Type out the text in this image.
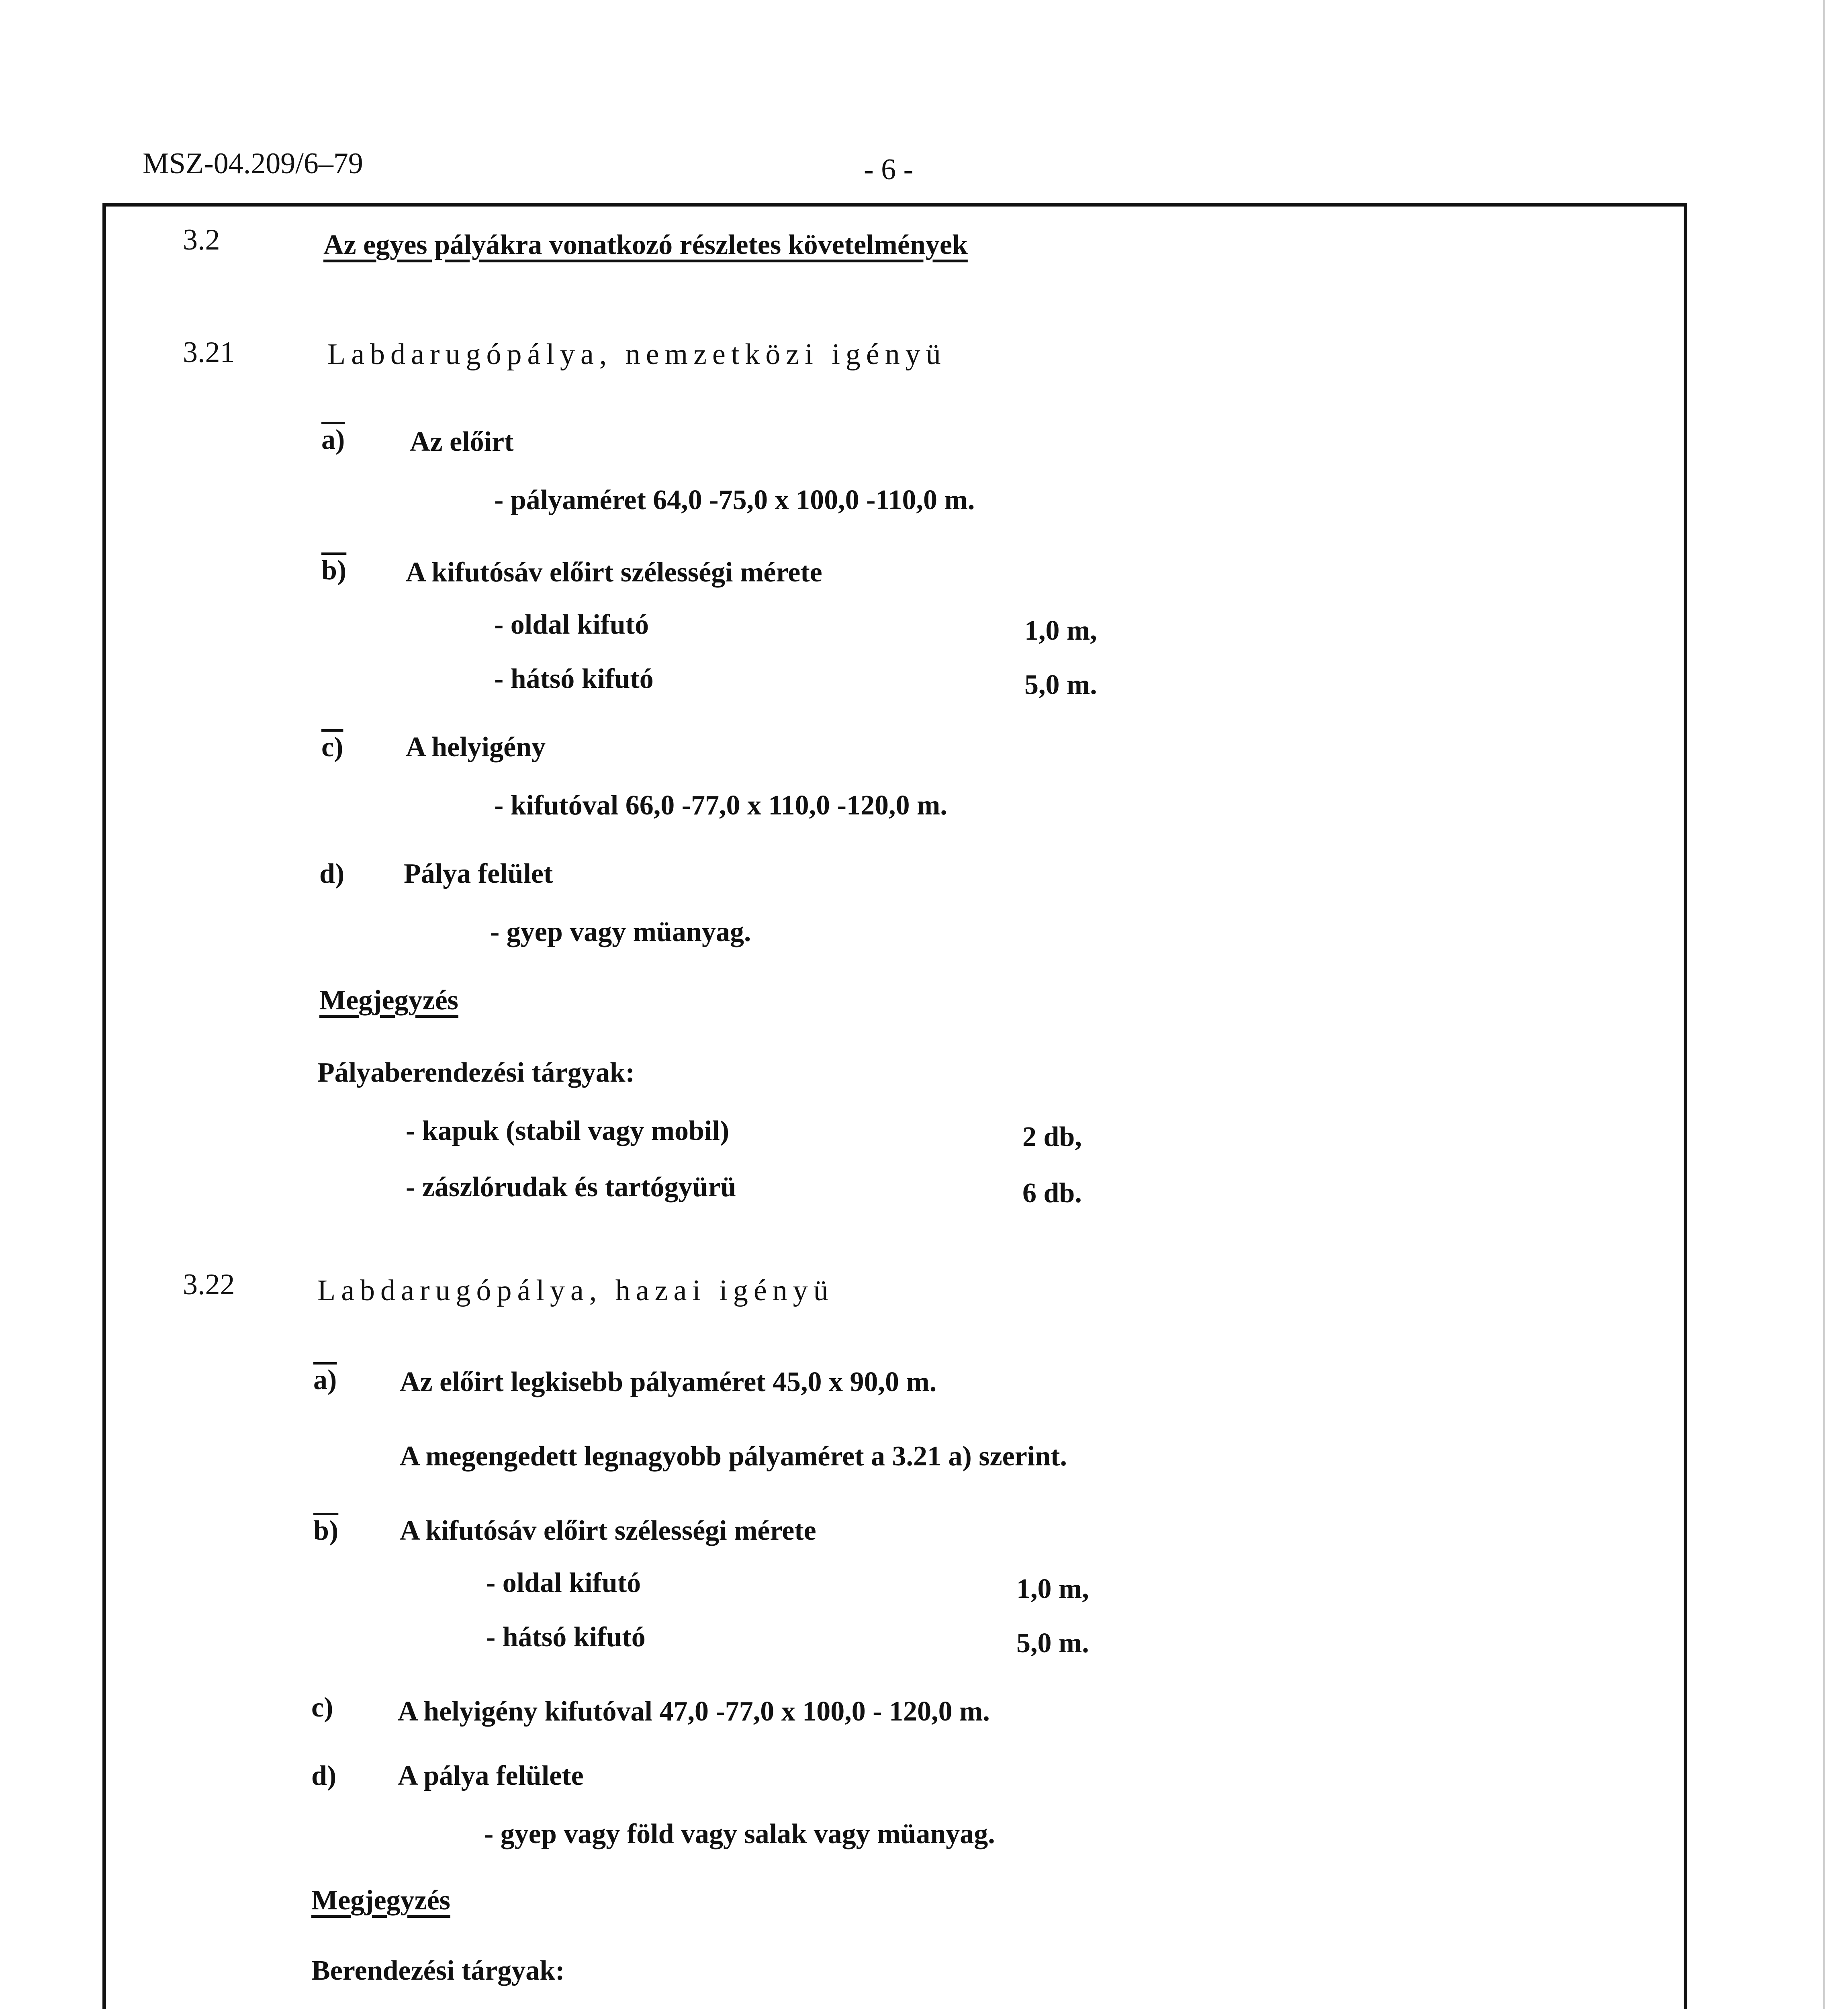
MSZ-04.209/6–79	- 6 -
3.2	Az egyes pályákra vonatkozó részletes követelmények
3.21	Labdarugópálya, nemzetközi igényü
a) Az előirt
- pályaméret 64,0 -75,0 x 100,0 -110,0 m.
b) A kifutósáv előirt szélességi mérete
- oldal kifutó	1,0 m,
- hátsó kifutó	5,0 m.
c) A helyigény
- kifutóval 66,0 -77,0 x 110,0 -120,0 m.
d) Pálya felület
- gyep vagy müanyag.
Megjegyzés
Pályaberendezési tárgyak:
- kapuk (stabil vagy mobil)	2 db,
- zászlórudak és tartógyürü	6 db.
3.22	Labdarugópálya, hazai igényü
a) Az előirt legkisebb pályaméret 45,0 x 90,0 m.
A megengedett legnagyobb pályaméret a 3.21 a) szerint.
b) A kifutósáv előirt szélességi mérete
- oldal kifutó	1,0 m,
- hátsó kifutó	5,0 m.
c) A helyigény kifutóval 47,0 -77,0 x 100,0 - 120,0 m.
d) A pálya felülete
- gyep vagy föld vagy salak vagy müanyag.
Megjegyzés
Berendezési tárgyak:
